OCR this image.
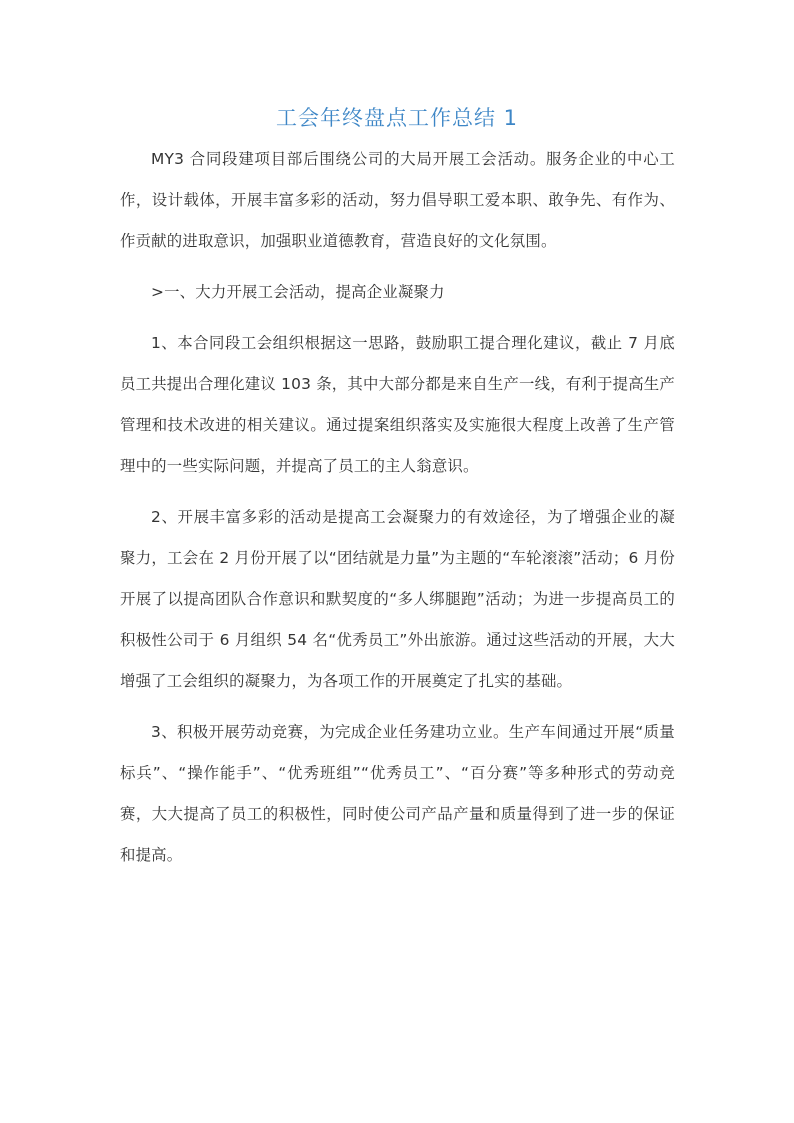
工会年终盘点工作总结 1

MY3 合同段建项目部后围绕公司的大局开展工会活动。服务企业的中心工作，设计载体，开展丰富多彩的活动，努力倡导职工爱本职、敢争先、有作为、作贡献的进取意识，加强职业道德教育，营造良好的文化氛围。

>一、大力开展工会活动，提高企业凝聚力

1、本合同段工会组织根据这一思路，鼓励职工提合理化建议，截止 7 月底员工共提出合理化建议 103 条，其中大部分都是来自生产一线，有利于提高生产管理和技术改进的相关建议。通过提案组织落实及实施很大程度上改善了生产管理中的一些实际问题，并提高了员工的主人翁意识。

2、开展丰富多彩的活动是提高工会凝聚力的有效途径，为了增强企业的凝聚力，工会在 2 月份开展了以“团结就是力量”为主题的“车轮滚滚”活动；6 月份开展了以提高团队合作意识和默契度的“多人绑腿跑”活动；为进一步提高员工的积极性公司于 6 月组织 54 名“优秀员工”外出旅游。通过这些活动的开展，大大增强了工会组织的凝聚力，为各项工作的开展奠定了扎实的基础。

3、积极开展劳动竞赛，为完成企业任务建功立业。生产车间通过开展“质量标兵”、“操作能手”、“优秀班组”“优秀员工”、“百分赛”等多种形式的劳动竞赛，大大提高了员工的积极性，同时使公司产品产量和质量得到了进一步的保证和提高。
